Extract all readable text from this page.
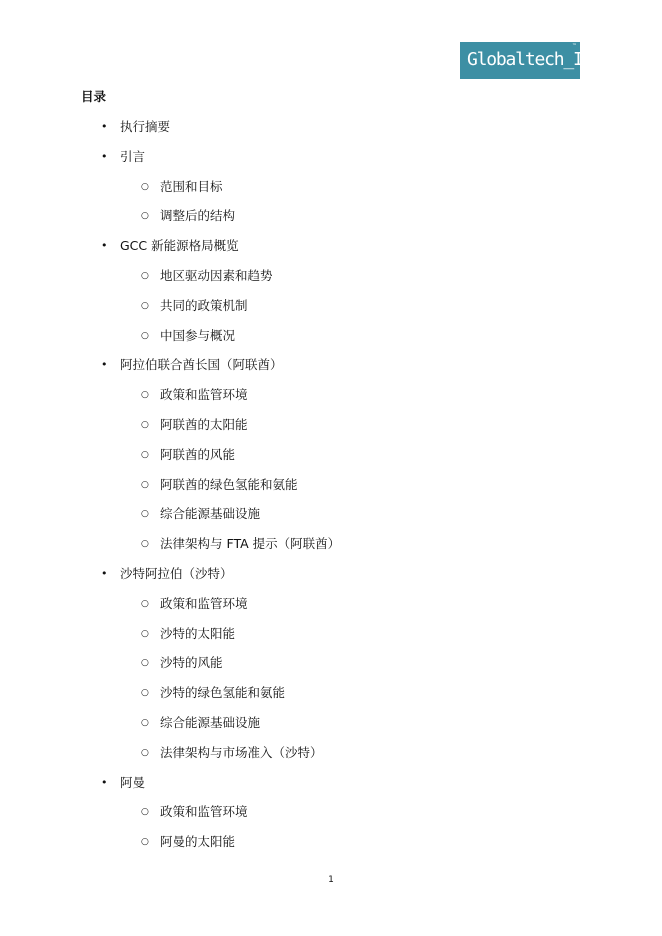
Globaltech_IP
™
目录
• 执行摘要
• 引言
○ 范围和目标
○ 调整后的结构
• GCC 新能源格局概览
○ 地区驱动因素和趋势
○ 共同的政策机制
○ 中国参与概况
• 阿拉伯联合酋长国（阿联酋）
○ 政策和监管环境
○ 阿联酋的太阳能
○ 阿联酋的风能
○ 阿联酋的绿色氢能和氨能
○ 综合能源基础设施
○ 法律架构与 FTA 提示（阿联酋）
• 沙特阿拉伯（沙特）
○ 政策和监管环境
○ 沙特的太阳能
○ 沙特的风能
○ 沙特的绿色氢能和氨能
○ 综合能源基础设施
○ 法律架构与市场准入（沙特）
• 阿曼
○ 政策和监管环境
○ 阿曼的太阳能
1
